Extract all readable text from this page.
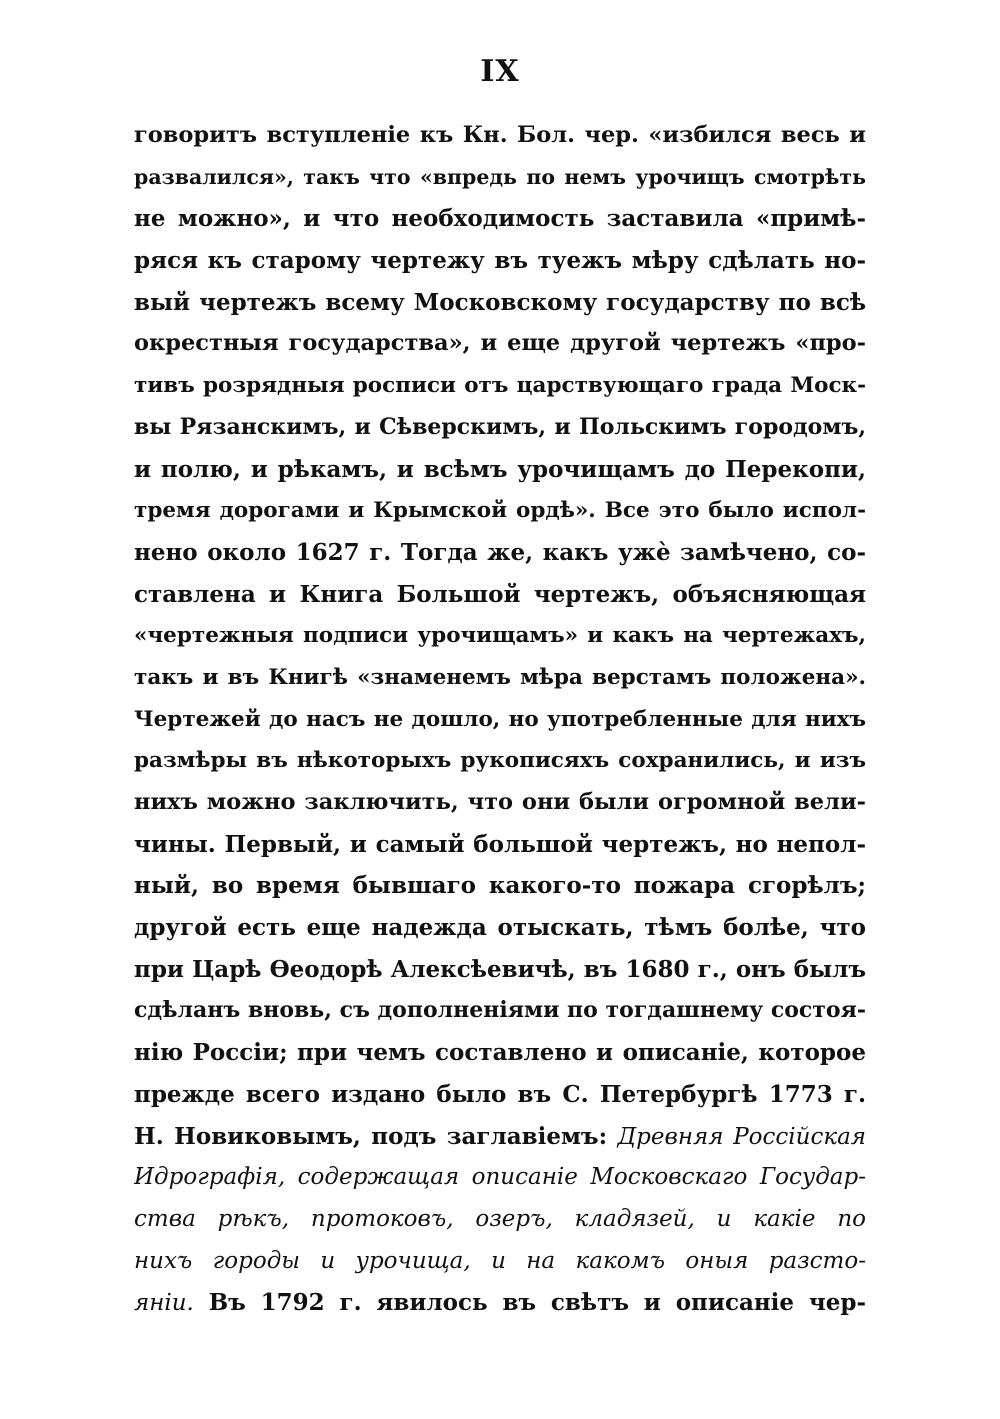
IX
говоритъ вступленіе къ Кн. Бол. чер. «избился весь и
развалился», такъ что «впредь по немъ урочищъ смотрѣть
не можно», и что необходимость заставила «примѣ-
ряся къ старому чертежу въ туежъ мѣру сдѣлать но-
вый чертежъ всему Московскому государству по всѣ
окрестныя государства», и еще другой чертежъ «про-
тивъ розрядныя росписи отъ царствующаго града Моск-
вы Рязанскимъ, и Сѣверскимъ, и Польскимъ городомъ,
и полю, и рѣкамъ, и всѣмъ урочищамъ до Перекопи,
тремя дорогами и Крымской ордѣ». Все это было испол-
нено около 1627 г. Тогда же, какъ ужѐ замѣчено, со-
ставлена и Книга Большой чертежъ, объясняющая
«чертежныя подписи урочищамъ» и какъ на чертежахъ,
такъ и въ Книгѣ «знаменемъ мѣра верстамъ положена».
Чертежей до насъ не дошло, но употребленные для нихъ
размѣры въ нѣкоторыхъ рукописяхъ сохранились, и изъ
нихъ можно заключить, что они были огромной вели-
чины. Первый, и самый большой чертежъ, но непол-
ный, во время бывшаго какого-то пожара сгорѣлъ;
другой есть еще надежда отыскать, тѣмъ болѣе, что
при Царѣ Ѳеодорѣ Алексѣевичѣ, въ 1680 г., онъ былъ
сдѣланъ вновь, съ дополненіями по тогдашнему состоя-
нію Россіи; при чемъ составлено и описаніе, которое
прежде всего издано было въ С. Петербургѣ 1773 г.
Н. Новиковымъ, подъ заглавіемъ: Древняя Россійская
Идрографія, содержащая описаніе Московскаго Государ-
ства рѣкъ, протоковъ, озеръ, кладязей, и какіе по
нихъ городы и урочища, и на какомъ оныя разсто-
яніи. Въ 1792 г. явилось въ свѣтъ и описаніе чер-
